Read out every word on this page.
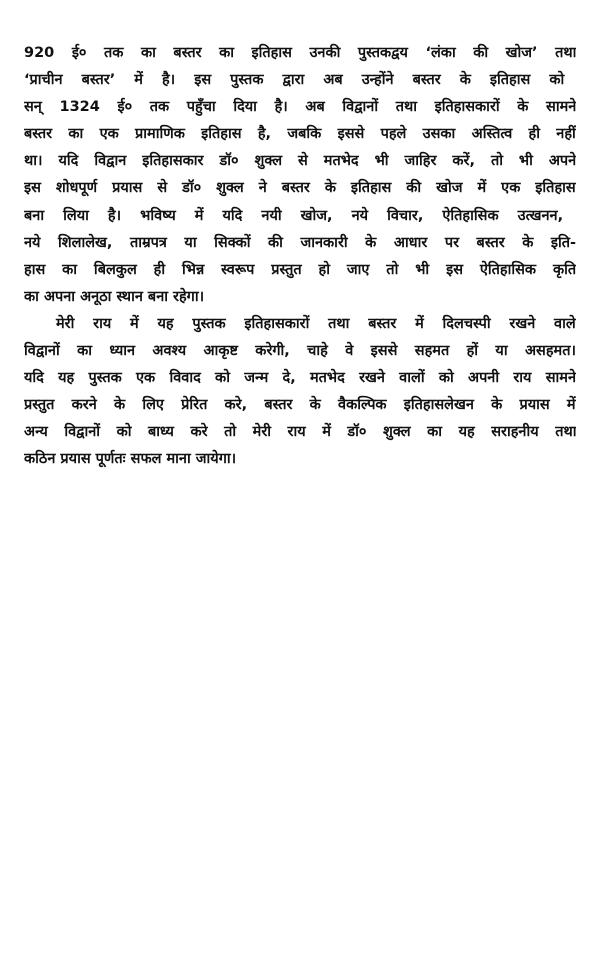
920 ई० तक का बस्तर का इतिहास उनकी पुस्तकद्वय ‘लंका की खोज’ तथा
‘प्राचीन बस्तर’ में है। इस पुस्तक द्वारा अब उन्होंने बस्तर के इतिहास को
सन् 1324 ई० तक पहुँचा दिया है। अब विद्वानों तथा इतिहासकारों के सामने
बस्तर का एक प्रामाणिक इतिहास है, जबकि इससे पहले उसका अस्तित्व ही नहीं
था। यदि विद्वान इतिहासकार डॉ० शुक्ल से मतभेद भी जाहिर करें, तो भी अपने
इस शोधपूर्ण प्रयास से डॉ० शुक्ल ने बस्तर के इतिहास की खोज में एक इतिहास
बना लिया है। भविष्य में यदि नयी खोज, नये विचार, ऐतिहासिक उत्खनन,
नये शिलालेख, ताम्रपत्र या सिक्कों की जानकारी के आधार पर बस्तर के इति-
हास का बिलकुल ही भिन्न स्वरूप प्रस्तुत हो जाए तो भी इस ऐतिहासिक कृति
का अपना अनूठा स्थान बना रहेगा।
मेरी राय में यह पुस्तक इतिहासकारों तथा बस्तर में दिलचस्पी रखने वाले
विद्वानों का ध्यान अवश्य आकृष्ट करेगी, चाहे वे इससे सहमत हों या असहमत।
यदि यह पुस्तक एक विवाद को जन्म दे, मतभेद रखने वालों को अपनी राय सामने
प्रस्तुत करने के लिए प्रेरित करे, बस्तर के वैकल्पिक इतिहासलेखन के प्रयास में
अन्य विद्वानों को बाध्य करे तो मेरी राय में डॉ० शुक्ल का यह सराहनीय तथा
कठिन प्रयास पूर्णतः सफल माना जायेगा।
